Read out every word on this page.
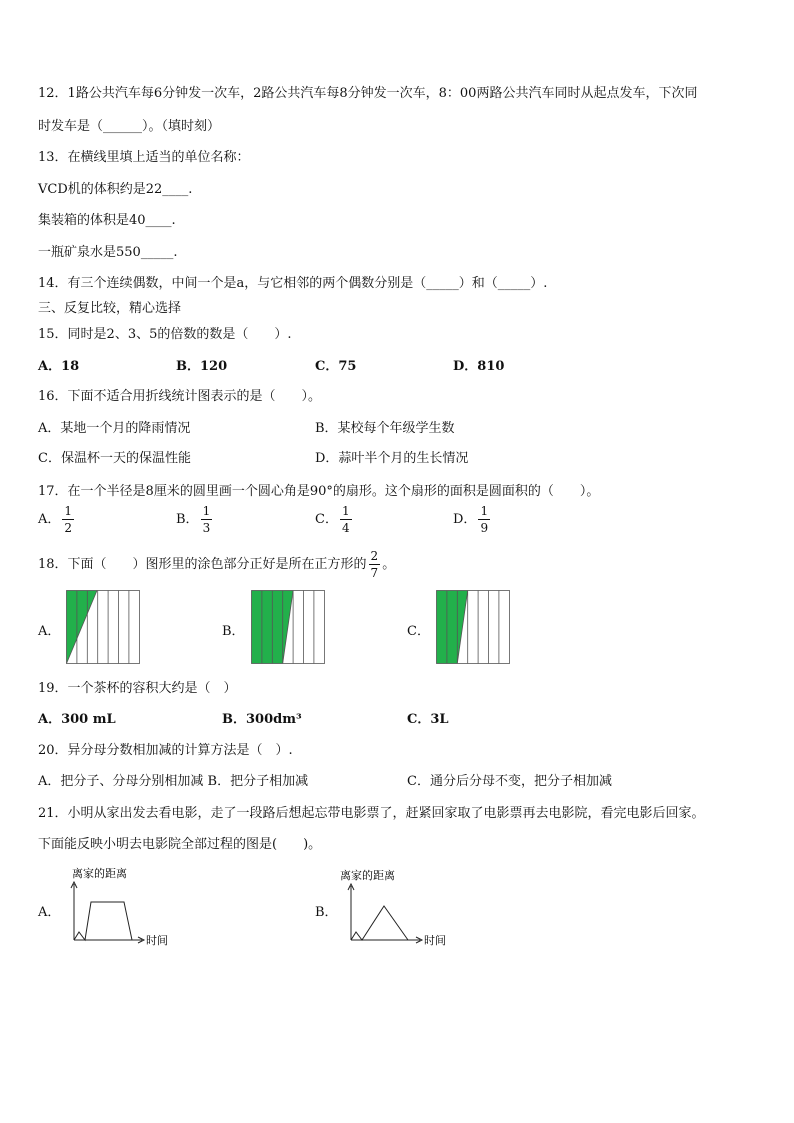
12．1路公共汽车每6分钟发一次车，2路公共汽车每8分钟发一次车，8：00两路公共汽车同时从起点发车，下次同
时发车是（______）。（填时刻）
13．在横线里填上适当的单位名称：
VCD机的体积约是22____.
集装箱的体积是40____.
一瓶矿泉水是550_____.
14．有三个连续偶数，中间一个是a，与它相邻的两个偶数分别是（_____）和（_____）.
三、反复比较，精心选择
15．同时是2、3、5的倍数的数是（　　）.
A．18	B．120	C．75	D．810
16．下面不适合用折线统计图表示的是（　　）。
A．某地一个月的降雨情况	B．某校每个年级学生数
C．保温杯一天的保温性能	D．蒜叶半个月的生长情况
17．在一个半径是8厘米的圆里画一个圆心角是90°的扇形。这个扇形的面积是圆面积的（　　）。
A． $\frac{1}{2}$	B． $\frac{1}{3}$	C． $\frac{1}{4}$	D． $\frac{1}{9}$
18．下面（　　）图形里的涂色部分正好是所在正方形的 $\frac{2}{7}$ 。
A．	B．	C．
19．一个茶杯的容积大约是（　）
A．300 mL	B．300dm³	C．3L
20．异分母分数相加减的计算方法是（　）.
A．把分子、分母分别相加减 B．把分子相加减	C．通分后分母不变，把分子相加减
21．小明从家出发去看电影，走了一段路后想起忘带电影票了，赶紧回家取了电影票再去电影院，看完电影后回家。
下面能反映小明去电影院全部过程的图是(　　)。
A．
离家的距离
时间
B．
离家的距离
时间
